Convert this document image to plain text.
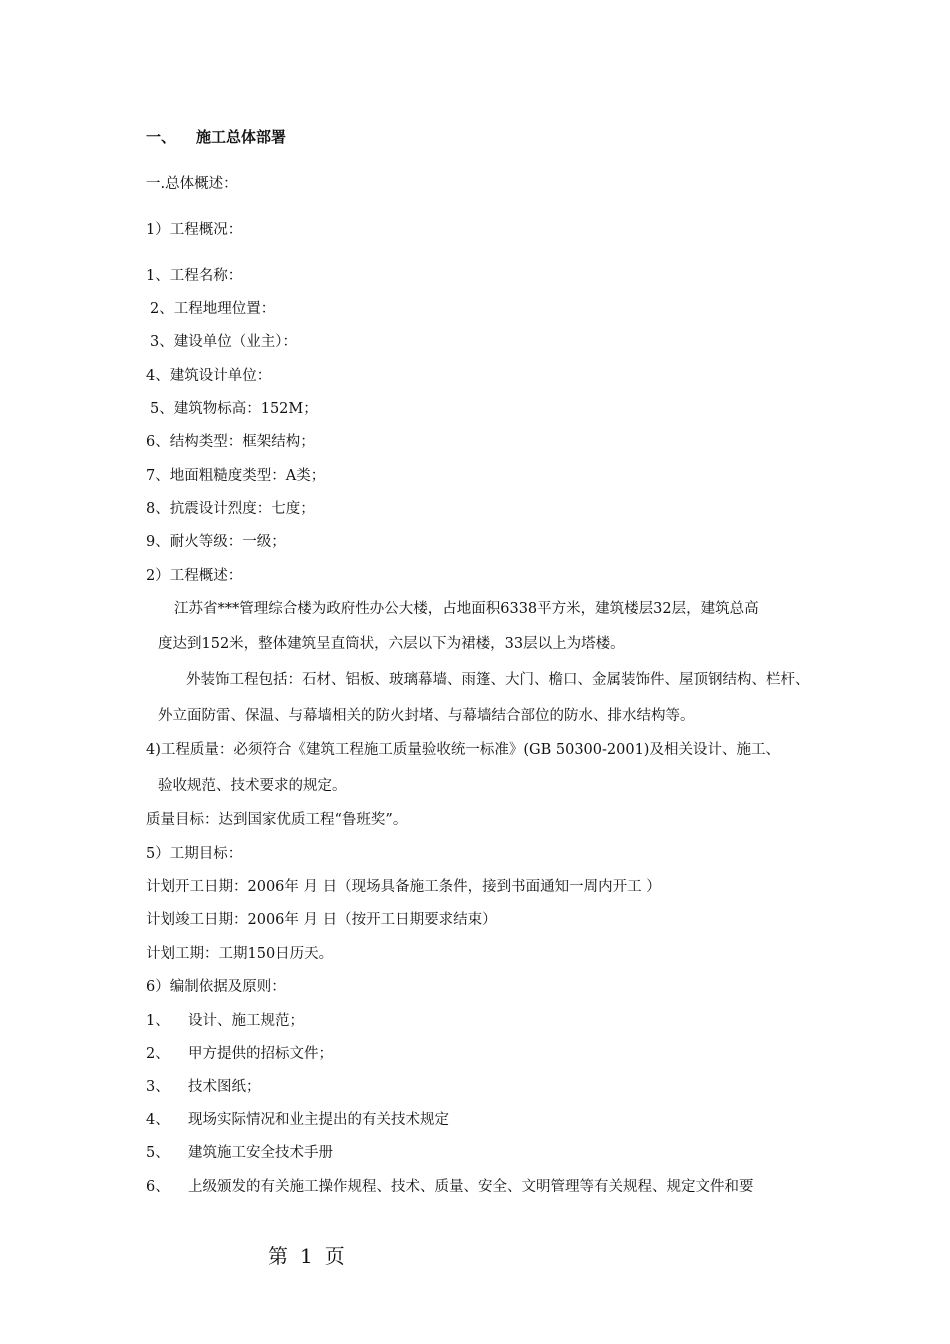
一、 施工总体部署
一.总体概述：
1）工程概况：
1、工程名称：
2、工程地理位置：
3、建设单位（业主）：
4、建筑设计单位：
5、建筑物标高：152M；
6、结构类型：框架结构；
7、地面粗糙度类型：A类；
8、抗震设计烈度：七度；
9、耐火等级：一级；
2）工程概述：
江苏省***管理综合楼为政府性办公大楼，占地面积6338平方米，建筑楼层32层，建筑总高
度达到152米，整体建筑呈直筒状，六层以下为裙楼，33层以上为塔楼。
外装饰工程包括：石材、铝板、玻璃幕墙、雨篷、大门、檐口、金属装饰件、屋顶钢结构、栏杆、
外立面防雷、保温、与幕墙相关的防火封堵、与幕墙结合部位的防水、排水结构等。
4)工程质量：必须符合《建筑工程施工质量验收统一标准》(GB 50300-2001)及相关设计、施工、
验收规范、技术要求的规定。
质量目标：达到国家优质工程“鲁班奖”。
5）工期目标：
计划开工日期：2006年 月 日（现场具备施工条件，接到书面通知一周内开工 ）
计划竣工日期：2006年 月 日（按开工日期要求结束）
计划工期：工期150日历天。
6）编制依据及原则：
1、 设计、施工规范；
2、 甲方提供的招标文件；
3、 技术图纸；
4、 现场实际情况和业主提出的有关技术规定
5、 建筑施工安全技术手册
6、 上级颁发的有关施工操作规程、技术、质量、安全、文明管理等有关规程、规定文件和要
第 1 页
